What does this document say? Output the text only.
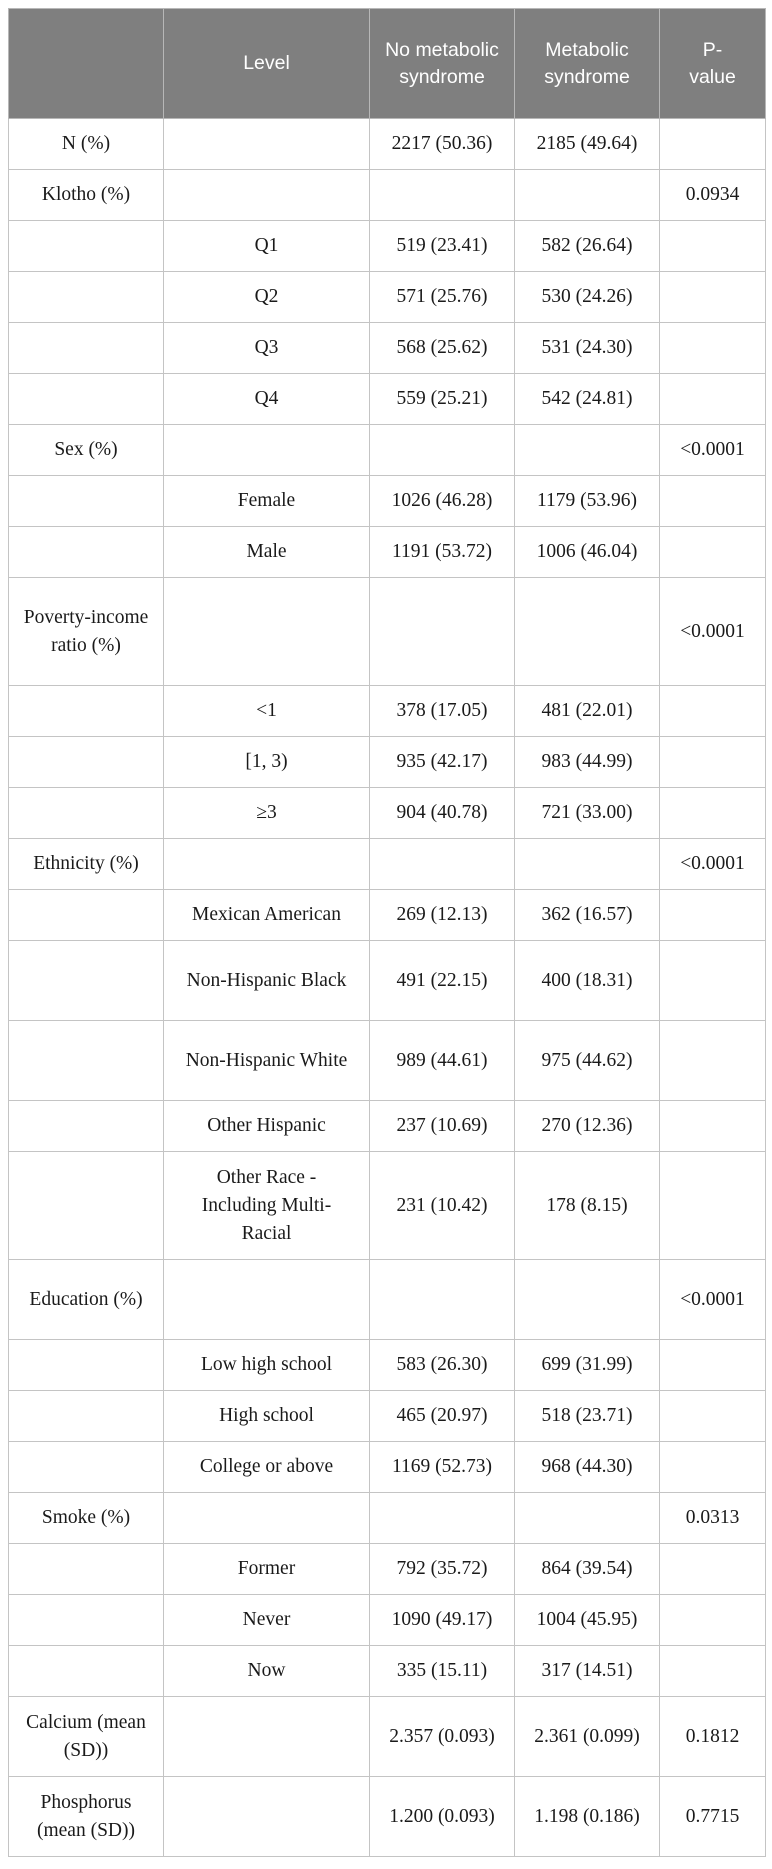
	Level	No metabolic syndrome	Metabolic syndrome	P-value

N (%)		2217 (50.36)	2185 (49.64)	
Klotho (%)				0.0934
	Q1	519 (23.41)	582 (26.64)	
	Q2	571 (25.76)	530 (24.26)	
	Q3	568 (25.62)	531 (24.30)	
	Q4	559 (25.21)	542 (24.81)	
Sex (%)				<0.0001
	Female	1026 (46.28)	1179 (53.96)	
	Male	1191 (53.72)	1006 (46.04)	
Poverty-income ratio (%)				<0.0001
	<1	378 (17.05)	481 (22.01)	
	[1, 3)	935 (42.17)	983 (44.99)	
	≥3	904 (40.78)	721 (33.00)	
Ethnicity (%)				<0.0001
	Mexican American	269 (12.13)	362 (16.57)	
	Non-Hispanic Black	491 (22.15)	400 (18.31)	
	Non-Hispanic White	989 (44.61)	975 (44.62)	
	Other Hispanic	237 (10.69)	270 (12.36)	
	Other Race - Including Multi-Racial	231 (10.42)	178 (8.15)	
Education (%)				<0.0001
	Low high school	583 (26.30)	699 (31.99)	
	High school	465 (20.97)	518 (23.71)	
	College or above	1169 (52.73)	968 (44.30)	
Smoke (%)				0.0313
	Former	792 (35.72)	864 (39.54)	
	Never	1090 (49.17)	1004 (45.95)	
	Now	335 (15.11)	317 (14.51)	
Calcium (mean (SD))		2.357 (0.093)	2.361 (0.099)	0.1812
Phosphorus (mean (SD))		1.200 (0.093)	1.198 (0.186)	0.7715
